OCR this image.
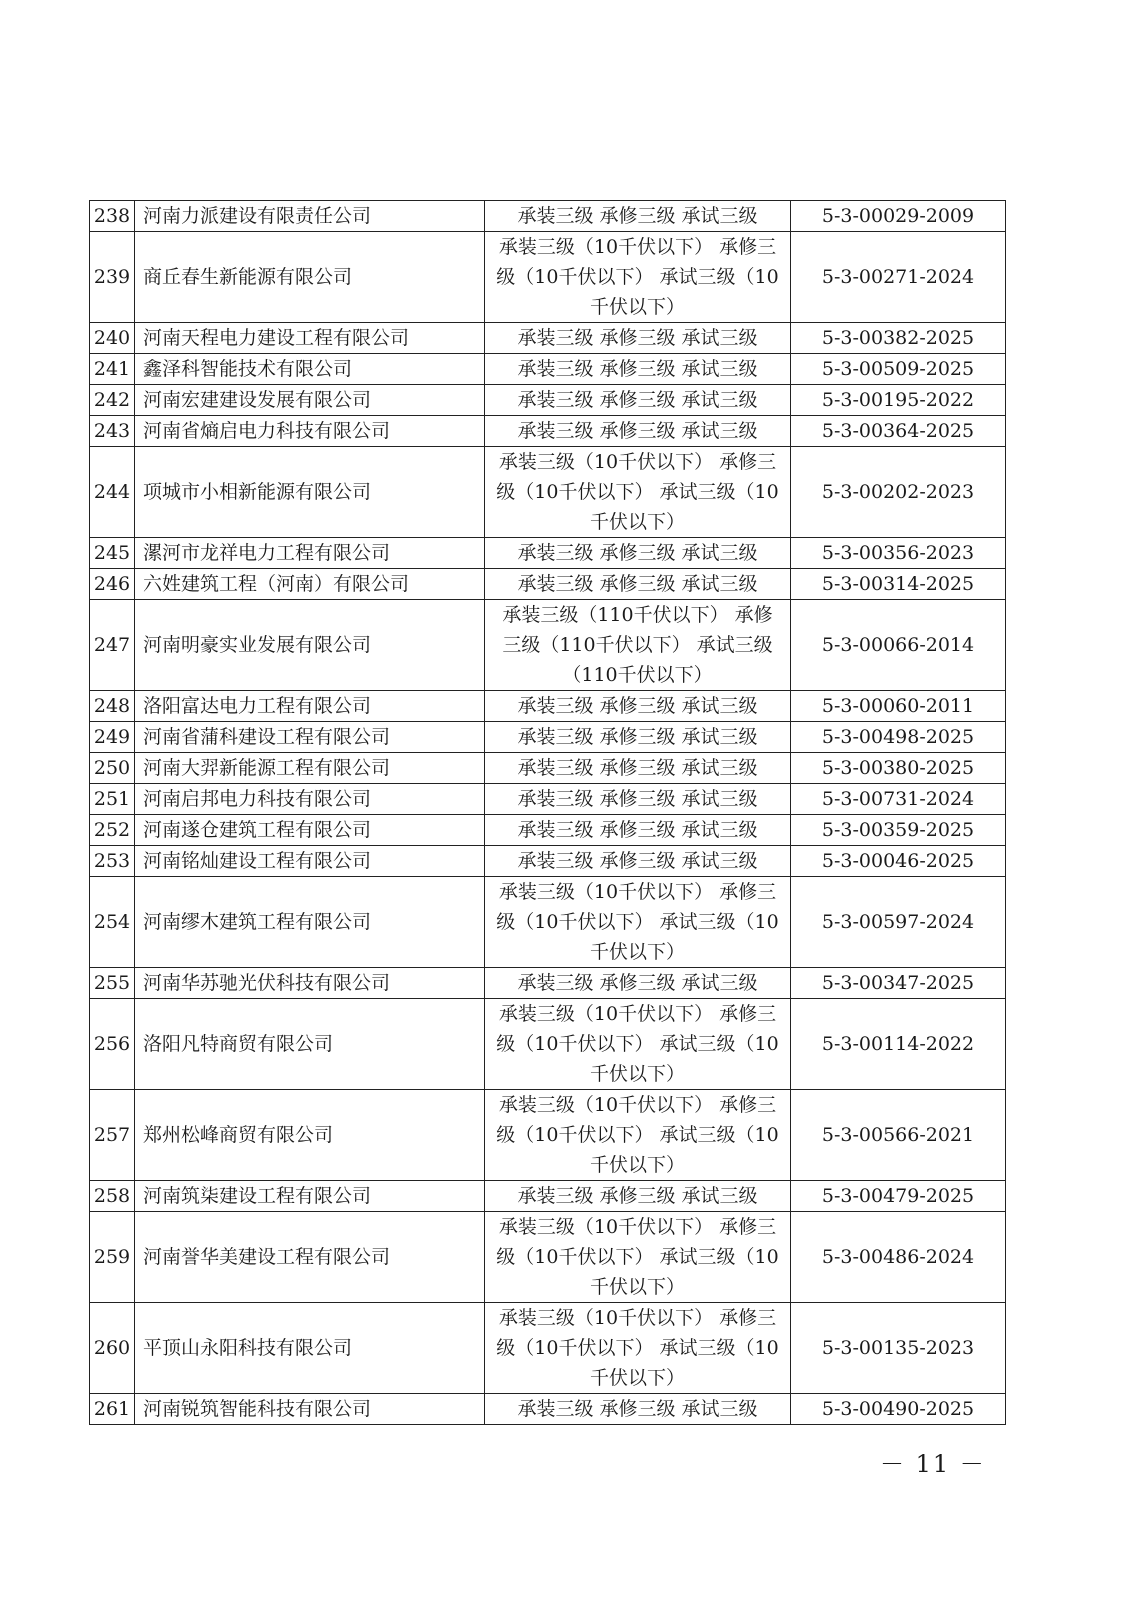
238	河南力派建设有限责任公司	承装三级 承修三级 承试三级	5-3-00029-2009
239	商丘春生新能源有限公司	承装三级（10千伏以下） 承修三级（10千伏以下） 承试三级（10千伏以下）	5-3-00271-2024
240	河南天程电力建设工程有限公司	承装三级 承修三级 承试三级	5-3-00382-2025
241	鑫泽科智能技术有限公司	承装三级 承修三级 承试三级	5-3-00509-2025
242	河南宏建建设发展有限公司	承装三级 承修三级 承试三级	5-3-00195-2022
243	河南省熵启电力科技有限公司	承装三级 承修三级 承试三级	5-3-00364-2025
244	项城市小相新能源有限公司	承装三级（10千伏以下） 承修三级（10千伏以下） 承试三级（10千伏以下）	5-3-00202-2023
245	漯河市龙祥电力工程有限公司	承装三级 承修三级 承试三级	5-3-00356-2023
246	六姓建筑工程（河南）有限公司	承装三级 承修三级 承试三级	5-3-00314-2025
247	河南明豪实业发展有限公司	承装三级（110千伏以下） 承修三级（110千伏以下） 承试三级（110千伏以下）	5-3-00066-2014
248	洛阳富达电力工程有限公司	承装三级 承修三级 承试三级	5-3-00060-2011
249	河南省蒲科建设工程有限公司	承装三级 承修三级 承试三级	5-3-00498-2025
250	河南大羿新能源工程有限公司	承装三级 承修三级 承试三级	5-3-00380-2025
251	河南启邦电力科技有限公司	承装三级 承修三级 承试三级	5-3-00731-2024
252	河南遂仓建筑工程有限公司	承装三级 承修三级 承试三级	5-3-00359-2025
253	河南铭灿建设工程有限公司	承装三级 承修三级 承试三级	5-3-00046-2025
254	河南缪木建筑工程有限公司	承装三级（10千伏以下） 承修三级（10千伏以下） 承试三级（10千伏以下）	5-3-00597-2024
255	河南华苏驰光伏科技有限公司	承装三级 承修三级 承试三级	5-3-00347-2025
256	洛阳凡特商贸有限公司	承装三级（10千伏以下） 承修三级（10千伏以下） 承试三级（10千伏以下）	5-3-00114-2022
257	郑州松峰商贸有限公司	承装三级（10千伏以下） 承修三级（10千伏以下） 承试三级（10千伏以下）	5-3-00566-2021
258	河南筑柒建设工程有限公司	承装三级 承修三级 承试三级	5-3-00479-2025
259	河南誉华美建设工程有限公司	承装三级（10千伏以下） 承修三级（10千伏以下） 承试三级（10千伏以下）	5-3-00486-2024
260	平顶山永阳科技有限公司	承装三级（10千伏以下） 承修三级（10千伏以下） 承试三级（10千伏以下）	5-3-00135-2023
261	河南锐筑智能科技有限公司	承装三级 承修三级 承试三级	5-3-00490-2025
－ 11 －
